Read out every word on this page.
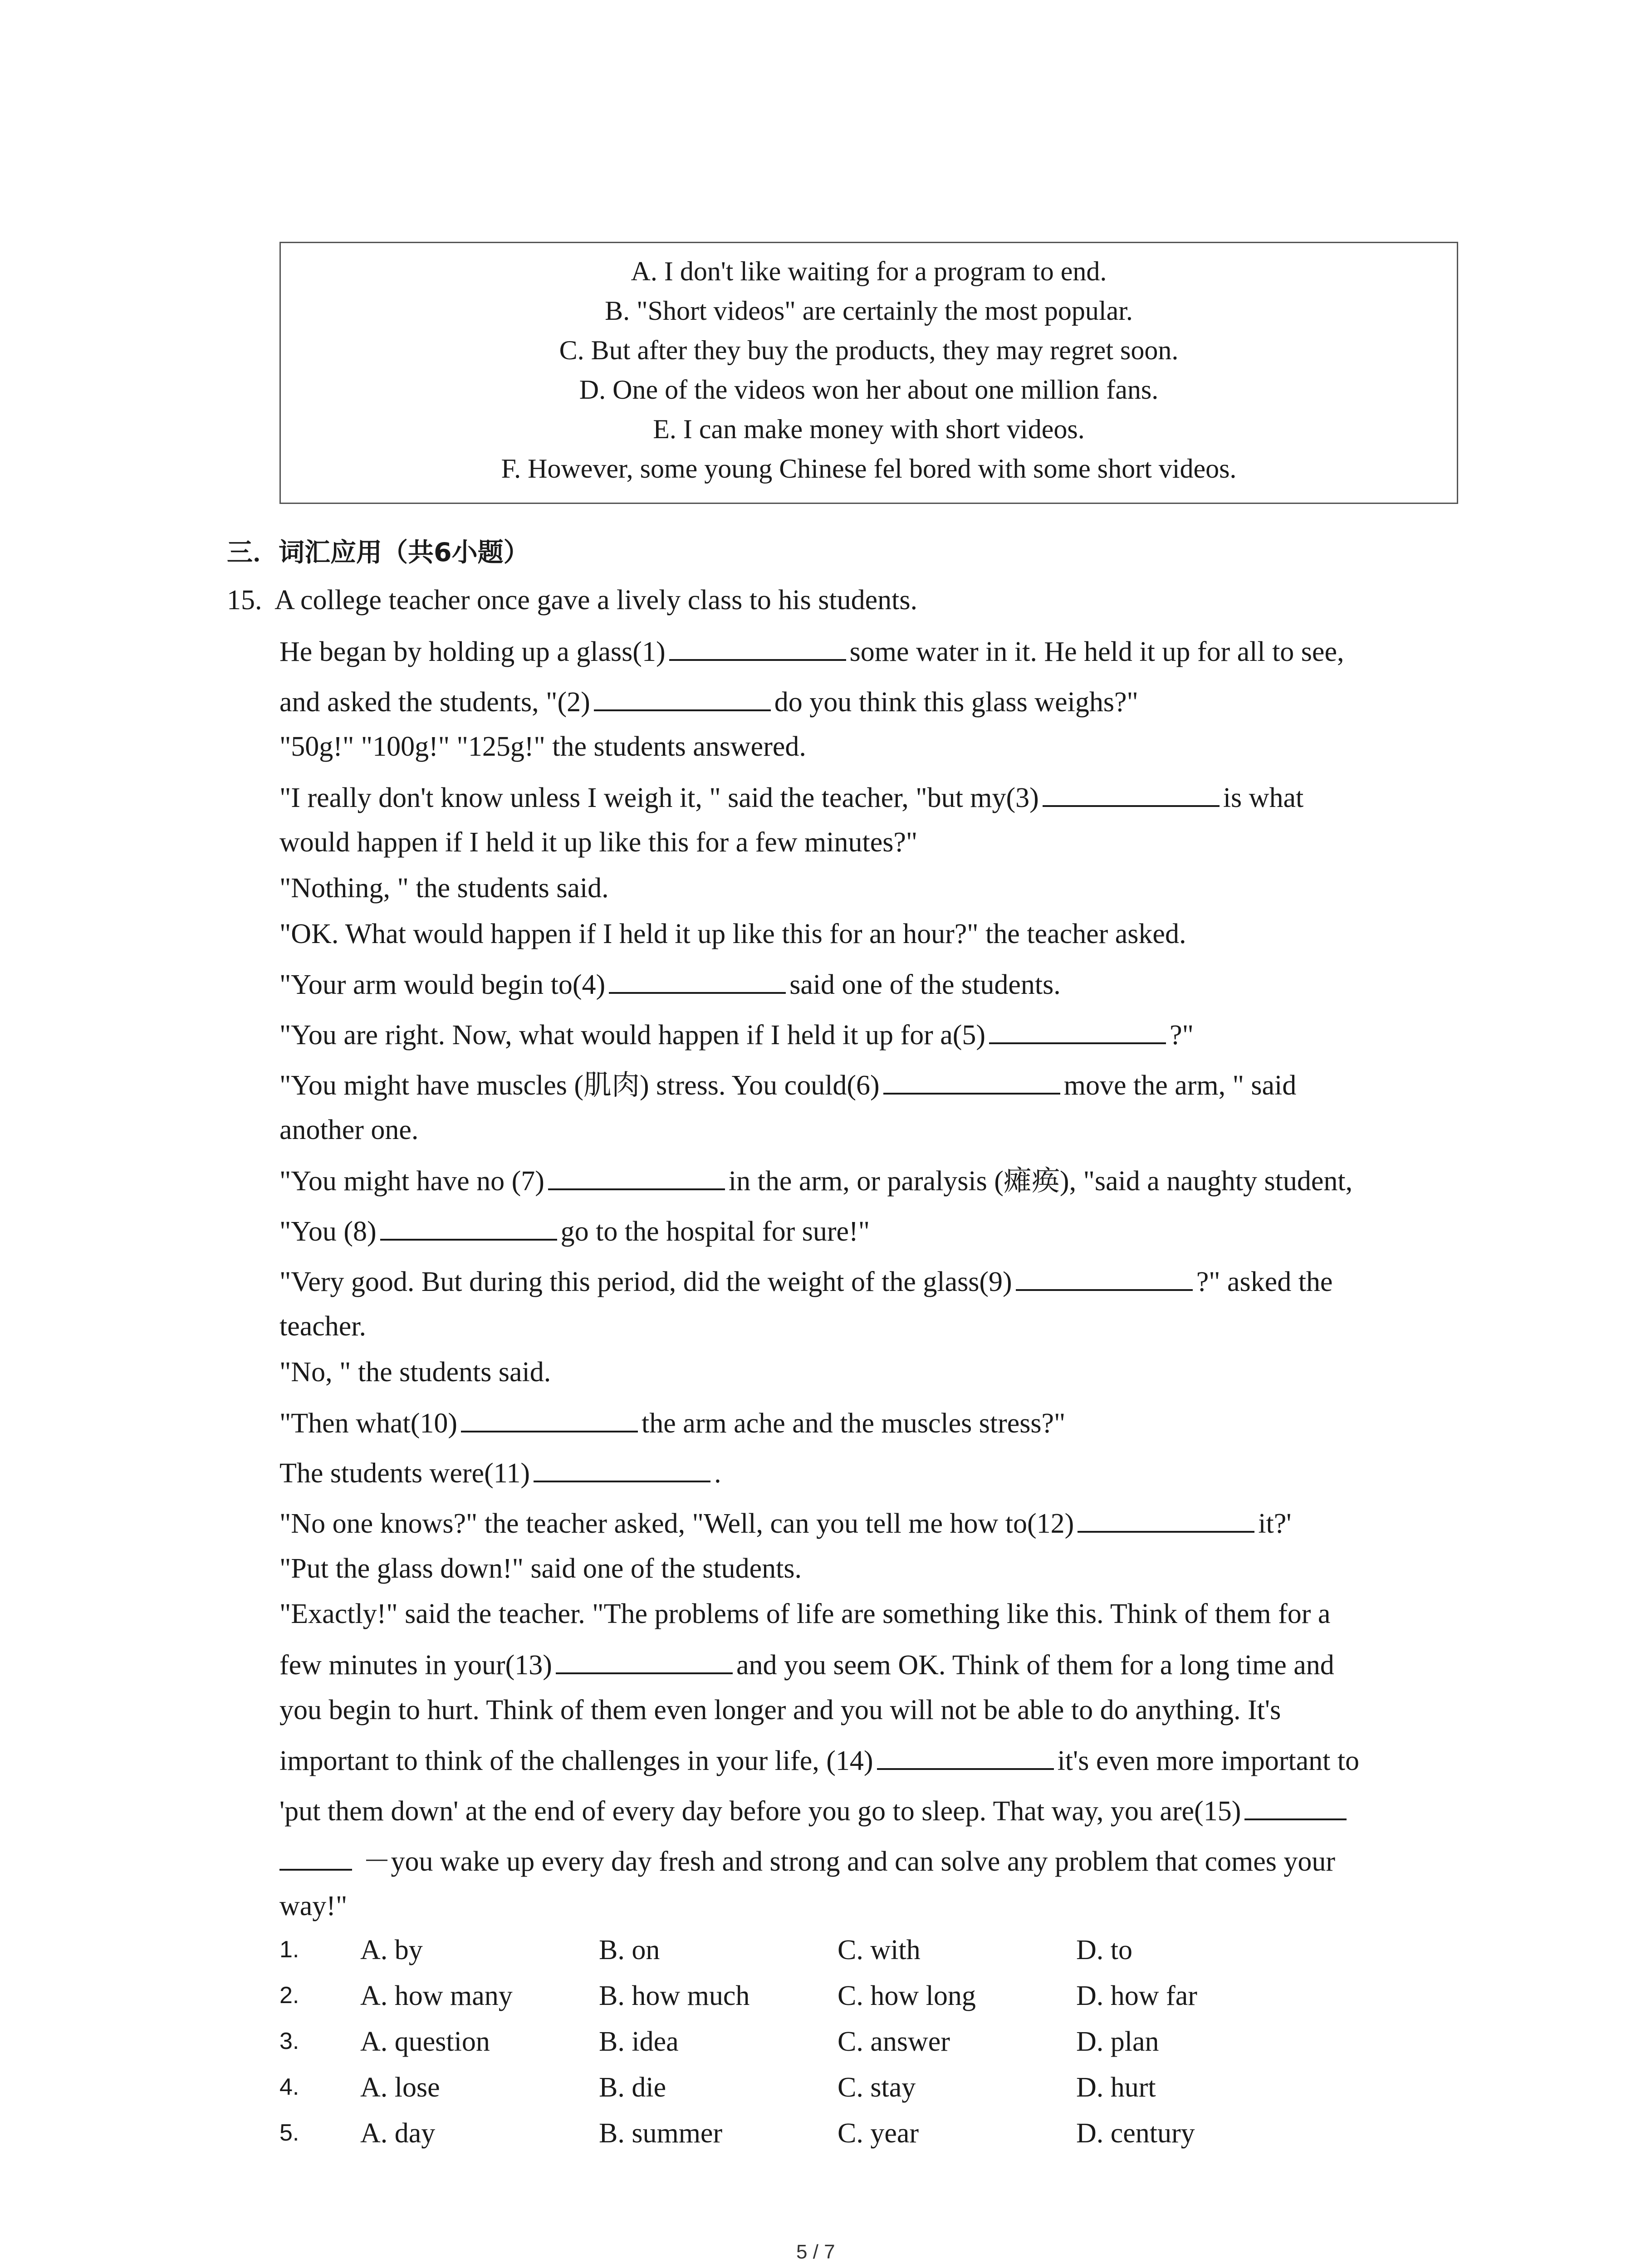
A. I don't like waiting for a program to end.
B. "Short videos" are certainly the most popular.
C. But after they buy the products, they may regret soon.
D. One of the videos won her about one million fans.
E. I can make money with short videos.
F. However, some young Chinese fel bored with some short videos.
三．词汇应用（共6小题）
15. A college teacher once gave a lively class to his students.
He began by holding up a glass(1)	some water in it. He held it up for all to see,
and asked the students, "(2)	do you think this glass weighs?"
"50g!" "100g!" "125g!" the students answered.
"I really don't know unless I weigh it, " said the teacher, "but my(3)	is what
would happen if I held it up like this for a few minutes?"
"Nothing, " the students said.
"OK. What would happen if I held it up like this for an hour?" the teacher asked.
"Your arm would begin to(4)	said one of the students.
"You are right. Now, what would happen if I held it up for a(5)	?"
"You might have muscles (肌肉) stress. You could(6)	move the arm, " said
another one.
"You might have no (7)	in the arm, or paralysis (瘫痪), "said a naughty student,
"You (8)	go to the hospital for sure!"
"Very good. But during this period, did the weight of the glass(9)	?" asked the
teacher.
"No, " the students said.
"Then what(10)	the arm ache and the muscles stress?"
The students were(11)	.
"No one knows?" the teacher asked, "Well, can you tell me how to(12)	it?'
"Put the glass down!" said one of the students.
"Exactly!" said the teacher. "The problems of life are something like this. Think of them for a
few minutes in your(13)	and you seem OK. Think of them for a long time and
you begin to hurt. Think of them even longer and you will not be able to do anything. It's
important to think of the challenges in your life, (14)	it's even more important to
'put them down' at the end of every day before you go to sleep. That way, you are(15)
－you wake up every day fresh and strong and can solve any problem that comes your
way!"
1. A. by	B. on	C. with	D. to
2. A. how many	B. how much	C. how long	D. how far
3. A. question	B. idea	C. answer	D. plan
4. A. lose	B. die	C. stay	D. hurt
5. A. day	B. summer	C. year	D. century
5 / 7
